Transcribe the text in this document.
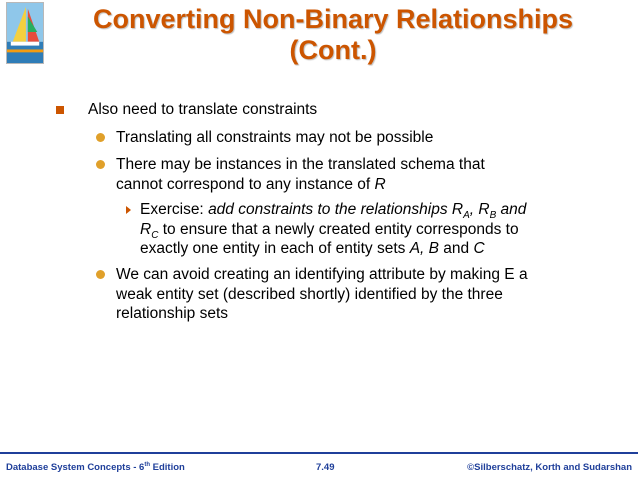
Converting Non-Binary Relationships
(Cont.)
Also need to translate constraints
Translating all constraints may not be possible
There may be instances in the translated schema that
cannot correspond to any instance of R
Exercise: add constraints to the relationships $R_A$, $R_B$ and
$R_C$ to ensure that a newly created entity corresponds to
exactly one entity in each of entity sets A, B and C
We can avoid creating an identifying attribute by making E a
weak entity set (described shortly) identified by the three
relationship sets
Database System Concepts - 6th Edition	7.49	©Silberschatz, Korth and Sudarshan
